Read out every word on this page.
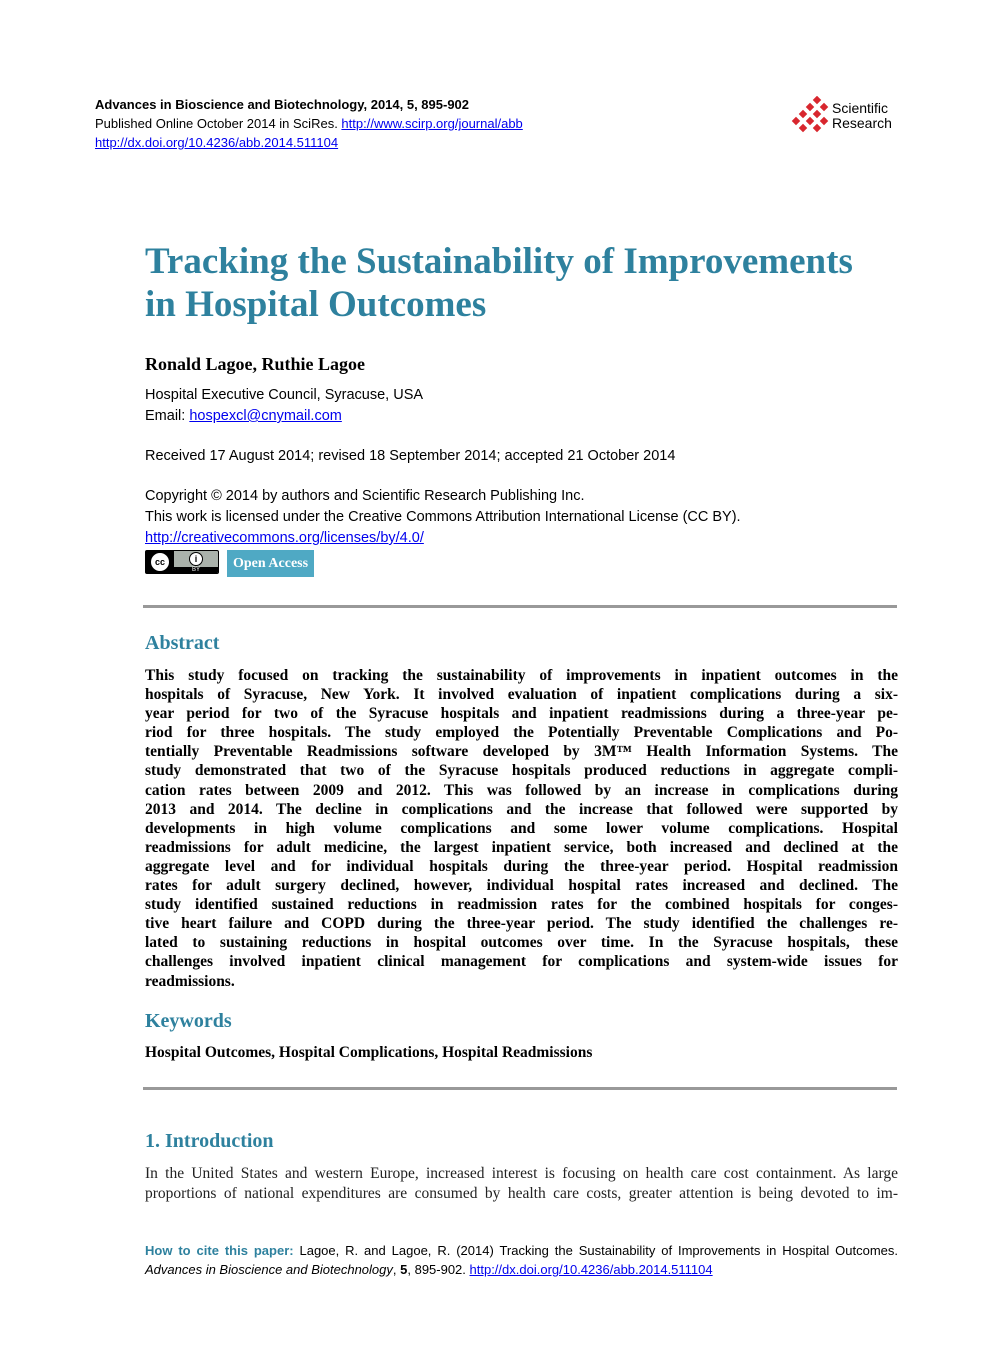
Advances in Bioscience and Biotechnology, 2014, 5, 895-902
Published Online October 2014 in SciRes. http://www.scirp.org/journal/abb
http://dx.doi.org/10.4236/abb.2014.511104
Scientific
Research
Tracking the Sustainability of Improvements
in Hospital Outcomes
Ronald Lagoe, Ruthie Lagoe
Hospital Executive Council, Syracuse, USA
Email: hospexcl@cnymail.com
Received 17 August 2014; revised 18 September 2014; accepted 21 October 2014
Copyright © 2014 by authors and Scientific Research Publishing Inc.
This work is licensed under the Creative Commons Attribution International License (CC BY).
http://creativecommons.org/licenses/by/4.0/
cc	i
BY	Open Access
Abstract
This study focused on tracking the sustainability of improvements in inpatient outcomes in the
hospitals of Syracuse, New York. It involved evaluation of inpatient complications during a six-
year period for two of the Syracuse hospitals and inpatient readmissions during a three-year pe-
riod for three hospitals. The study employed the Potentially Preventable Complications and Po-
tentially Preventable Readmissions software developed by 3M™ Health Information Systems. The
study demonstrated that two of the Syracuse hospitals produced reductions in aggregate compli-
cation rates between 2009 and 2012. This was followed by an increase in complications during
2013 and 2014. The decline in complications and the increase that followed were supported by
developments in high volume complications and some lower volume complications. Hospital
readmissions for adult medicine, the largest inpatient service, both increased and declined at the
aggregate level and for individual hospitals during the three-year period. Hospital readmission
rates for adult surgery declined, however, individual hospital rates increased and declined. The
study identified sustained reductions in readmission rates for the combined hospitals for conges-
tive heart failure and COPD during the three-year period. The study identified the challenges re-
lated to sustaining reductions in hospital outcomes over time. In the Syracuse hospitals, these
challenges involved inpatient clinical management for complications and system-wide issues for
readmissions.
Keywords
Hospital Outcomes, Hospital Complications, Hospital Readmissions
1. Introduction
In the United States and western Europe, increased interest is focusing on health care cost containment. As large
proportions of national expenditures are consumed by health care costs, greater attention is being devoted to im-
How to cite this paper: Lagoe, R. and Lagoe, R. (2014) Tracking the Sustainability of Improvements in Hospital Outcomes.
Advances in Bioscience and Biotechnology, 5, 895-902. http://dx.doi.org/10.4236/abb.2014.511104
